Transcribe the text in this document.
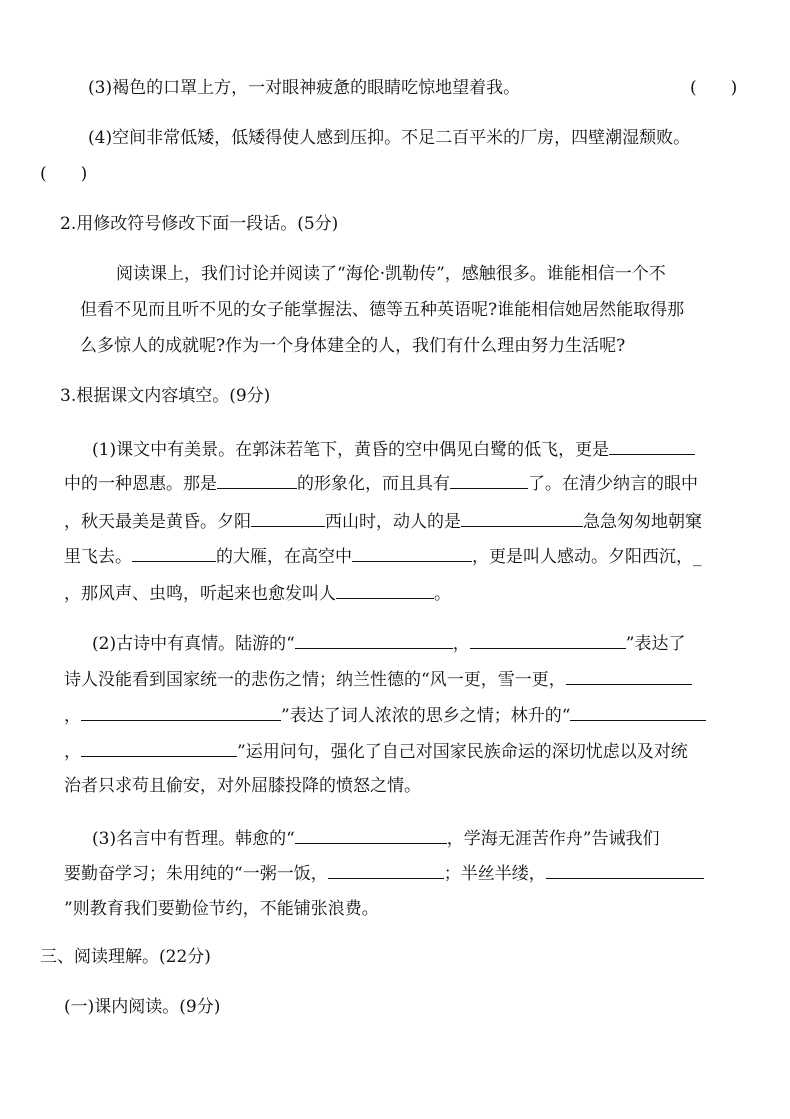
(3)褐色的口罩上方，一对眼神疲惫的眼睛吃惊地望着我。	(　　)
(4)空间非常低矮，低矮得使人感到压抑。不足二百平米的厂房，四壁潮湿颓败。
(　　)
2.用修改符号修改下面一段话。(5分)
阅读课上，我们讨论并阅读了“海伦·凯勒传”，感触很多。谁能相信一个不
但看不见而且听不见的女子能掌握法、德等五种英语呢?谁能相信她居然能取得那
么多惊人的成就呢?作为一个身体建全的人，我们有什么理由努力生活呢?
3.根据课文内容填空。(9分)
(1)课文中有美景。在郭沫若笔下，黄昏的空中偶见白鹭的低飞，更是
中的一种恩惠。那是	的形象化，而且具有	了。在清少纳言的眼中
，秋天最美是黄昏。夕阳	西山时，动人的是	急急匆匆地朝窠
里飞去。	的大雁，在高空中	，更是叫人感动。夕阳西沉，_
，那风声、虫鸣，听起来也愈发叫人	。
(2)古诗中有真情。陆游的“	，	”表达了
诗人没能看到国家统一的悲伤之情；纳兰性德的“风一更，雪一更，
，	”表达了词人浓浓的思乡之情；林升的“
，	”运用问句，强化了自己对国家民族命运的深切忧虑以及对统
治者只求苟且偷安，对外屈膝投降的愤怒之情。
(3)名言中有哲理。韩愈的“	，学海无涯苦作舟”告诫我们
要勤奋学习；朱用纯的“一粥一饭，	；半丝半缕，
”则教育我们要勤俭节约，不能铺张浪费。
三、阅读理解。(22分)
(一)课内阅读。(9分)
